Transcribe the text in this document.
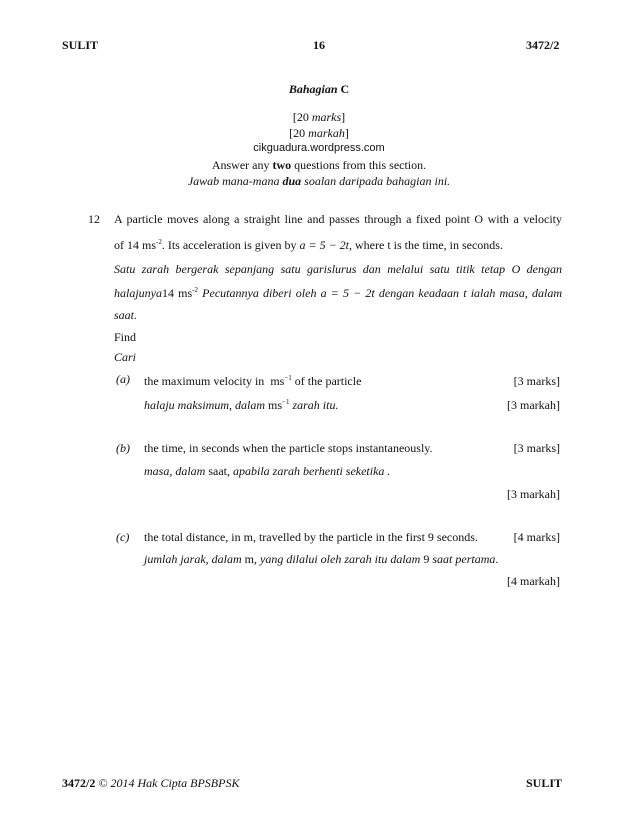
SULIT	16	3472/2
Bahagian C
[20 marks]
[20 markah]
cikguadura.wordpress.com
Answer any two questions from this section.
Jawab mana-mana dua soalan daripada bahagian ini.
12 A particle moves along a straight line and passes through a fixed point O with a velocity
of 14 $ms^{-2}$. Its acceleration is given by a = 5 − 2t, where t is the time, in seconds.
Satu zarah bergerak sepanjang satu garislurus dan melalui satu titik tetap O dengan
halajunya14 $ms^{-2}$ Pecutannya diberi oleh a = 5 − 2t dengan keadaan t ialah masa, dalam
saat.
Find
Cari
(a) the maximum velocity in $ms^{-1}$ of the particle	[3 marks]
halaju maksimum, dalam $ms^{-1}$ zarah itu.	[3 markah]
(b) the time, in seconds when the particle stops instantaneously.	[3 marks]
masa, dalam saat, apabila zarah berhenti seketika .
[3 markah]
(c) the total distance, in m, travelled by the particle in the first 9 seconds.	[4 marks]
jumlah jarak, dalam m, yang dilalui oleh zarah itu dalam 9 saat pertama.
[4 markah]
3472/2 © 2014 Hak Cipta BPSBPSK	SULIT
